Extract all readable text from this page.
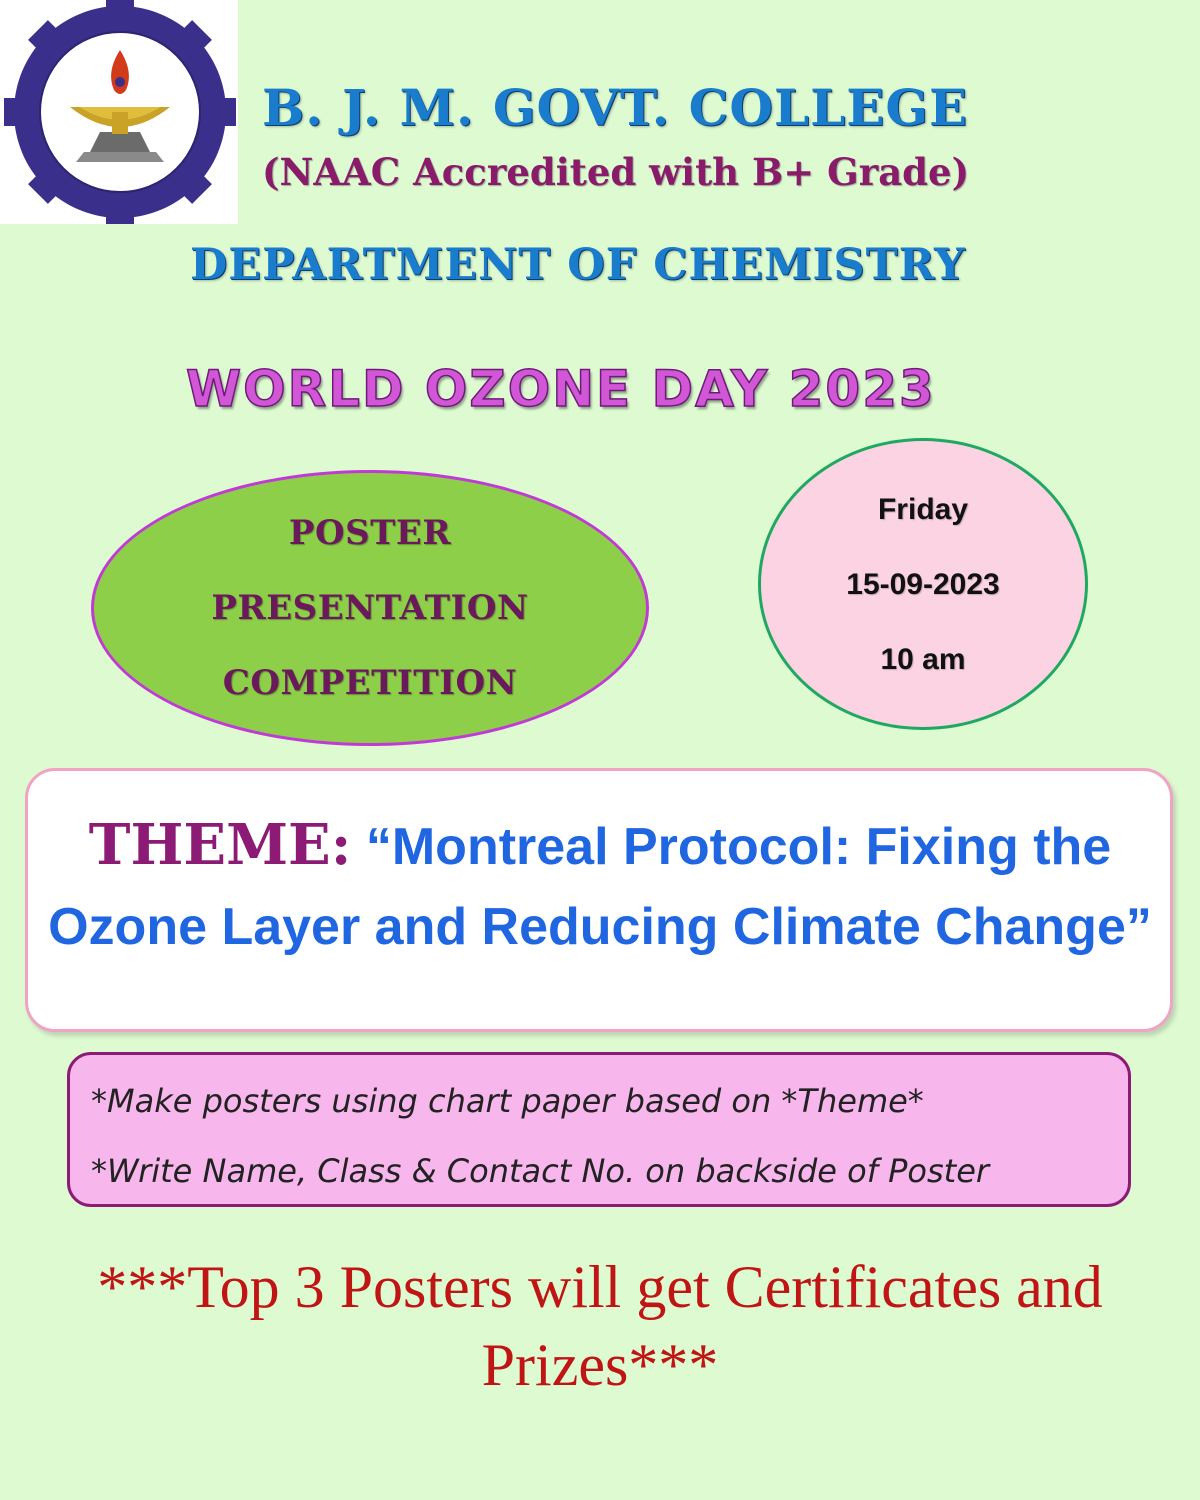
B. J. M. GOVT. COLLEGE
(NAAC Accredited with B+ Grade)
DEPARTMENT OF CHEMISTRY
WORLD OZONE DAY 2023
POSTER
PRESENTATION
COMPETITION
Friday
15-09-2023
10 am
THEME: “Montreal Protocol: Fixing the Ozone Layer and Reducing Climate Change”
*Make posters using chart paper based on *Theme*
*Write Name, Class & Contact No. on backside of Poster
***Top 3 Posters will get Certificates and Prizes***
